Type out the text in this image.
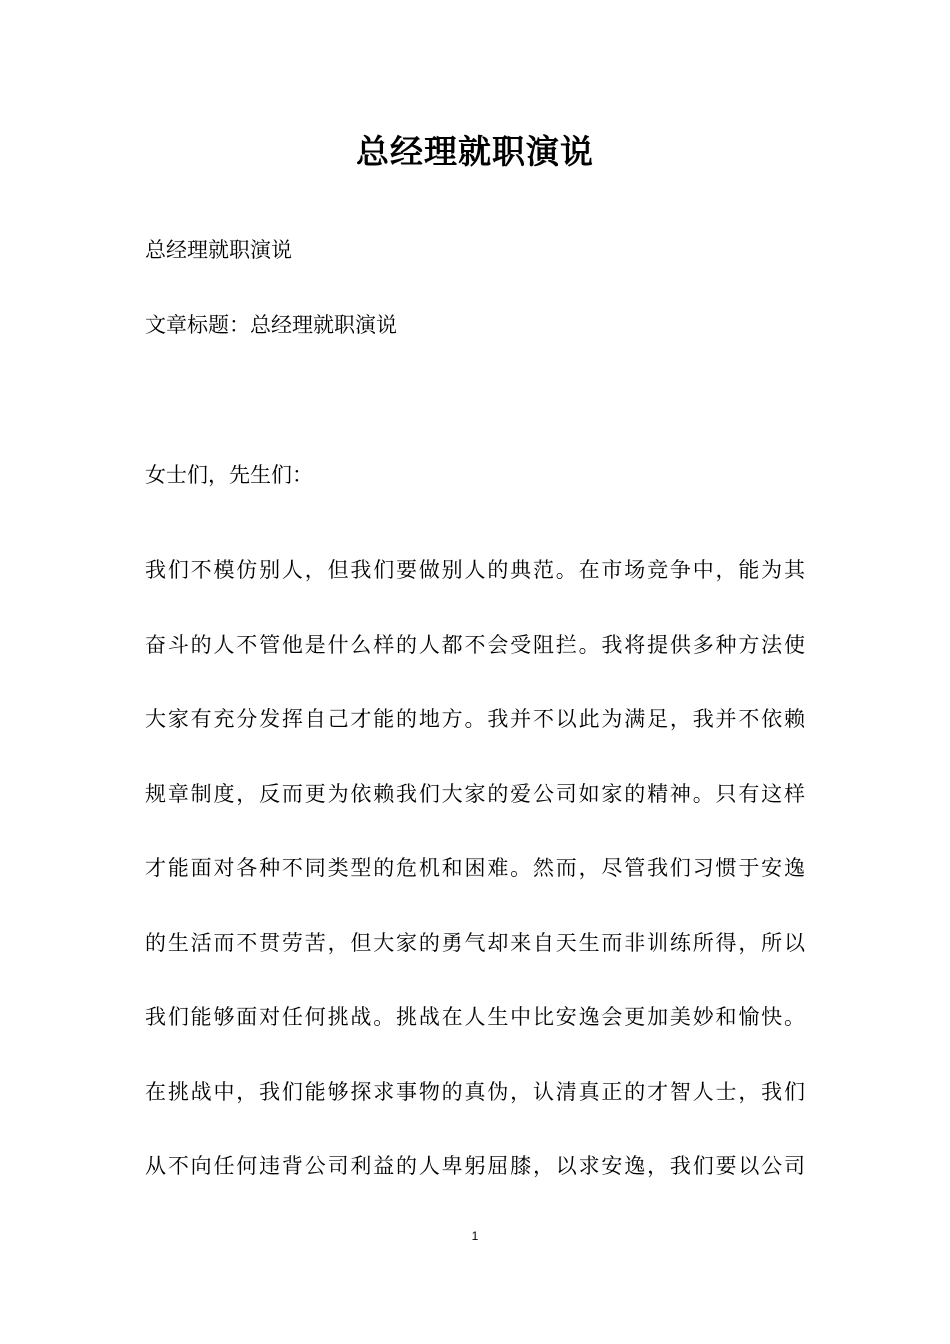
总经理就职演说

总经理就职演说

文章标题：总经理就职演说

女士们，先生们：

我们不模仿别人，但我们要做别人的典范。在市场竞争中，能为其
奋斗的人不管他是什么样的人都不会受阻拦。我将提供多种方法使
大家有充分发挥自己才能的地方。我并不以此为满足，我并不依赖
规章制度，反而更为依赖我们大家的爱公司如家的精神。只有这样
才能面对各种不同类型的危机和困难。然而，尽管我们习惯于安逸
的生活而不贯劳苦，但大家的勇气却来自天生而非训练所得，所以
我们能够面对任何挑战。挑战在人生中比安逸会更加美妙和愉快。
在挑战中，我们能够探求事物的真伪，认清真正的才智人士，我们
从不向任何违背公司利益的人卑躬屈膝，以求安逸，我们要以公司
1
